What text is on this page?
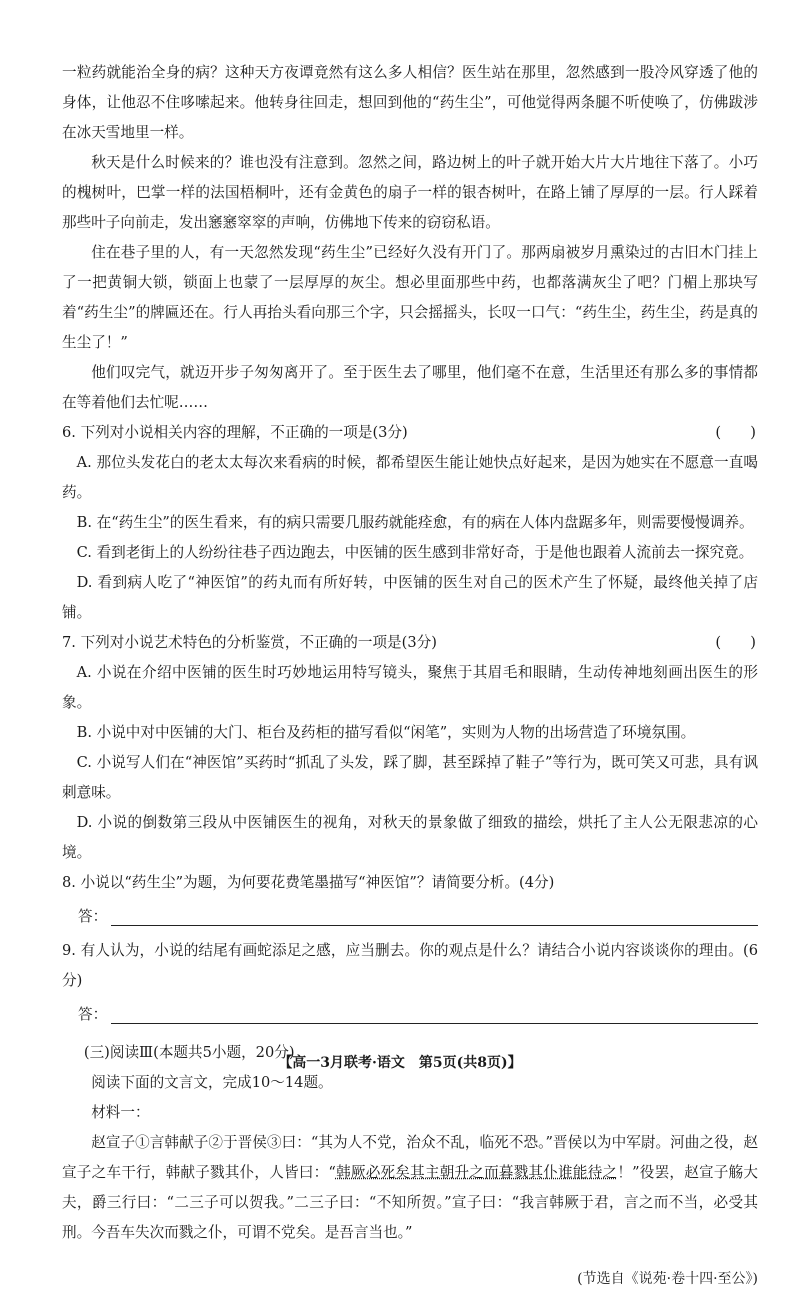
一粒药就能治全身的病？这种天方夜谭竟然有这么多人相信？医生站在那里，忽然感到一股冷风穿透了他的身体，让他忍不住哆嗦起来。他转身往回走，想回到他的“药生尘”，可他觉得两条腿不听使唤了，仿佛跋涉在冰天雪地里一样。

秋天是什么时候来的？谁也没有注意到。忽然之间，路边树上的叶子就开始大片大片地往下落了。小巧的槐树叶，巴掌一样的法国梧桐叶，还有金黄色的扇子一样的银杏树叶，在路上铺了厚厚的一层。行人踩着那些叶子向前走，发出窸窸窣窣的声响，仿佛地下传来的窃窃私语。

住在巷子里的人，有一天忽然发现“药生尘”已经好久没有开门了。那两扇被岁月熏染过的古旧木门挂上了一把黄铜大锁，锁面上也蒙了一层厚厚的灰尘。想必里面那些中药，也都落满灰尘了吧？门楣上那块写着“药生尘”的牌匾还在。行人再抬头看向那三个字，只会摇摇头，长叹一口气：“药生尘，药生尘，药是真的生尘了！”

他们叹完气，就迈开步子匆匆离开了。至于医生去了哪里，他们毫不在意，生活里还有那么多的事情都在等着他们去忙呢……

6. 下列对小说相关内容的理解，不正确的一项是(3分)	(　　)

A. 那位头发花白的老太太每次来看病的时候，都希望医生能让她快点好起来，是因为她实在不愿意一直喝药。

B. 在“药生尘”的医生看来，有的病只需要几服药就能痊愈，有的病在人体内盘踞多年，则需要慢慢调养。

C. 看到老街上的人纷纷往巷子西边跑去，中医铺的医生感到非常好奇，于是他也跟着人流前去一探究竟。

D. 看到病人吃了“神医馆”的药丸而有所好转，中医铺的医生对自己的医术产生了怀疑，最终他关掉了店铺。

7. 下列对小说艺术特色的分析鉴赏，不正确的一项是(3分)	(　　)

A. 小说在介绍中医铺的医生时巧妙地运用特写镜头，聚焦于其眉毛和眼睛，生动传神地刻画出医生的形象。

B. 小说中对中医铺的大门、柜台及药柜的描写看似“闲笔”，实则为人物的出场营造了环境氛围。

C. 小说写人们在“神医馆”买药时“抓乱了头发，踩了脚，甚至踩掉了鞋子”等行为，既可笑又可悲，具有讽刺意味。

D. 小说的倒数第三段从中医铺医生的视角，对秋天的景象做了细致的描绘，烘托了主人公无限悲凉的心境。

8. 小说以“药生尘”为题，为何要花费笔墨描写“神医馆”？请简要分析。(4分)

答：

9. 有人认为，小说的结尾有画蛇添足之感，应当删去。你的观点是什么？请结合小说内容谈谈你的理由。(6分)

答：

(三)阅读Ⅲ(本题共5小题，20分)

阅读下面的文言文，完成10～14题。

材料一：

赵宣子①言韩献子②于晋侯③曰：“其为人不党，治众不乱，临死不恐。”晋侯以为中军尉。河曲之役，赵宣子之车干行，韩献子戮其仆，人皆曰：“韩厥必死矣其主朝升之而暮戮其仆谁能待之！”役罢，赵宣子觞大夫，爵三行曰：“二三子可以贺我。”二三子曰：“不知所贺。”宣子曰：“我言韩厥于君，言之而不当，必受其刑。今吾车失次而戮之仆，可谓不党矣。是吾言当也。”

(节选自《说苑·卷十四·至公》)

【高一3月联考·语文　第5页(共8页)】
